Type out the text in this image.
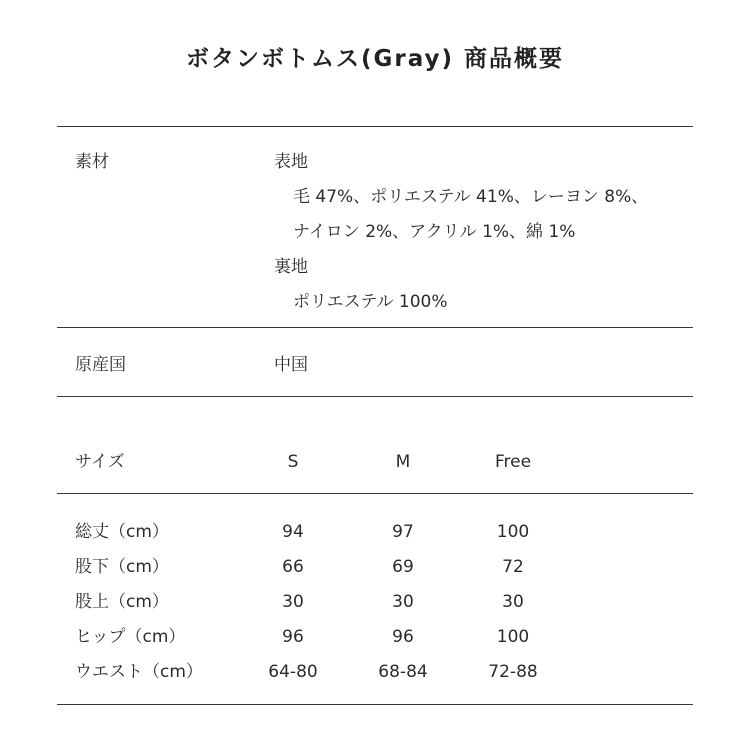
ボタンボトムス(Gray) 商品概要
素材	表地
毛 47%、ポリエステル 41%、レーヨン 8%、
ナイロン 2%、アクリル 1%、綿 1%
裏地
ポリエステル 100%
原産国	中国
サイズ	S	M	Free
総丈（cm）	94	97	100
股下（cm）	66	69	72
股上（cm）	30	30	30
ヒップ（cm）	96	96	100
ウエスト（cm）	64-80	68-84	72-88
